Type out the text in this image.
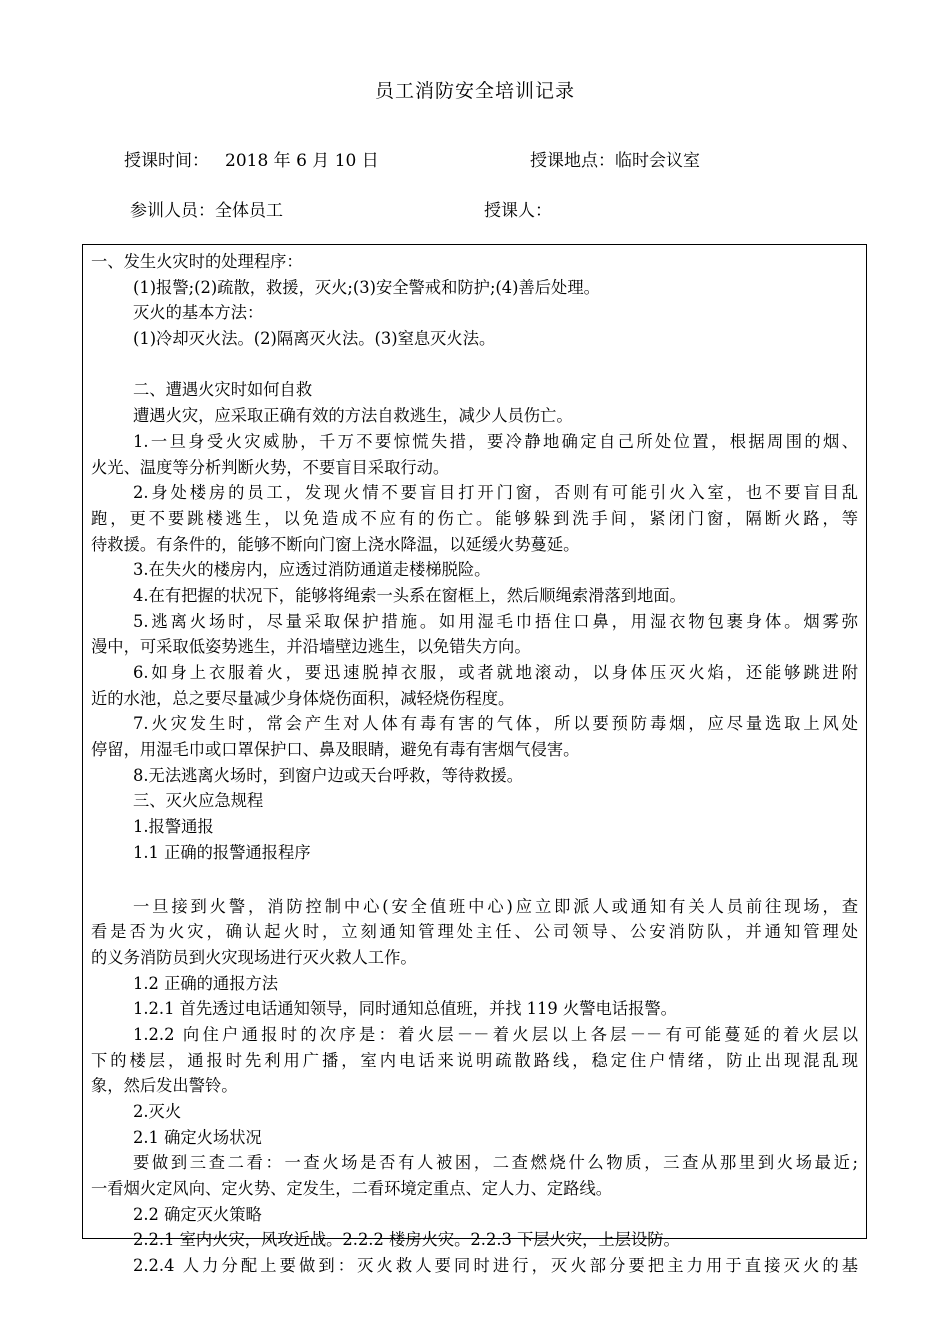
员工消防安全培训记录
授课时间： 2018 年 6 月 10 日	授课地点：临时会议室
参训人员：全体员工	授课人：
一、发生火灾时的处理程序：
(1)报警;(2)疏散，救援，灭火;(3)安全警戒和防护;(4)善后处理。
灭火的基本方法：
(1)冷却灭火法。(2)隔离灭火法。(3)窒息灭火法。
二、遭遇火灾时如何自救
遭遇火灾，应采取正确有效的方法自救逃生，减少人员伤亡。
1.一旦身受火灾威胁，千万不要惊慌失措，要冷静地确定自己所处位置，根据周围的烟、
火光、温度等分析判断火势，不要盲目采取行动。
2.身处楼房的员工，发现火情不要盲目打开门窗，否则有可能引火入室，也不要盲目乱
跑，更不要跳楼逃生，以免造成不应有的伤亡。能够躲到洗手间，紧闭门窗，隔断火路，等
待救援。有条件的，能够不断向门窗上浇水降温，以延缓火势蔓延。
3.在失火的楼房内，应透过消防通道走楼梯脱险。
4.在有把握的状况下，能够将绳索一头系在窗框上，然后顺绳索滑落到地面。
5.逃离火场时，尽量采取保护措施。如用湿毛巾捂住口鼻，用湿衣物包裹身体。烟雾弥
漫中，可采取低姿势逃生，并沿墙壁边逃生，以免错失方向。
6.如身上衣服着火，要迅速脱掉衣服，或者就地滚动，以身体压灭火焰，还能够跳进附
近的水池，总之要尽量减少身体烧伤面积，减轻烧伤程度。
7.火灾发生时，常会产生对人体有毒有害的气体，所以要预防毒烟，应尽量选取上风处
停留，用湿毛巾或口罩保护口、鼻及眼睛，避免有毒有害烟气侵害。
8.无法逃离火场时，到窗户边或天台呼救，等待救援。
三、灭火应急规程
1.报警通报
1.1 正确的报警通报程序
一旦接到火警，消防控制中心(安全值班中心)应立即派人或通知有关人员前往现场，查
看是否为火灾，确认起火时，立刻通知管理处主任、公司领导、公安消防队，并通知管理处
的义务消防员到火灾现场进行灭火救人工作。
1.2 正确的通报方法
1.2.1 首先透过电话通知领导，同时通知总值班，并找 119 火警电话报警。
1.2.2 向住户通报时的次序是：着火层－－着火层以上各层－－有可能蔓延的着火层以
下的楼层，通报时先利用广播，室内电话来说明疏散路线，稳定住户情绪，防止出现混乱现
象，然后发出警铃。
2.灭火
2.1 确定火场状况
要做到三查二看：一查火场是否有人被困，二查燃烧什么物质，三查从那里到火场最近;
一看烟火定风向、定火势、定发生，二看环境定重点、定人力、定路线。
2.2 确定灭火策略
2.2.1 室内火灾，风攻近战。2.2.2 楼房火灾。2.2.3 下层火灾，上层设防。
2.2.4 人力分配上要做到：灭火救人要同时进行，灭火部分要把主力用于直接灭火的基
